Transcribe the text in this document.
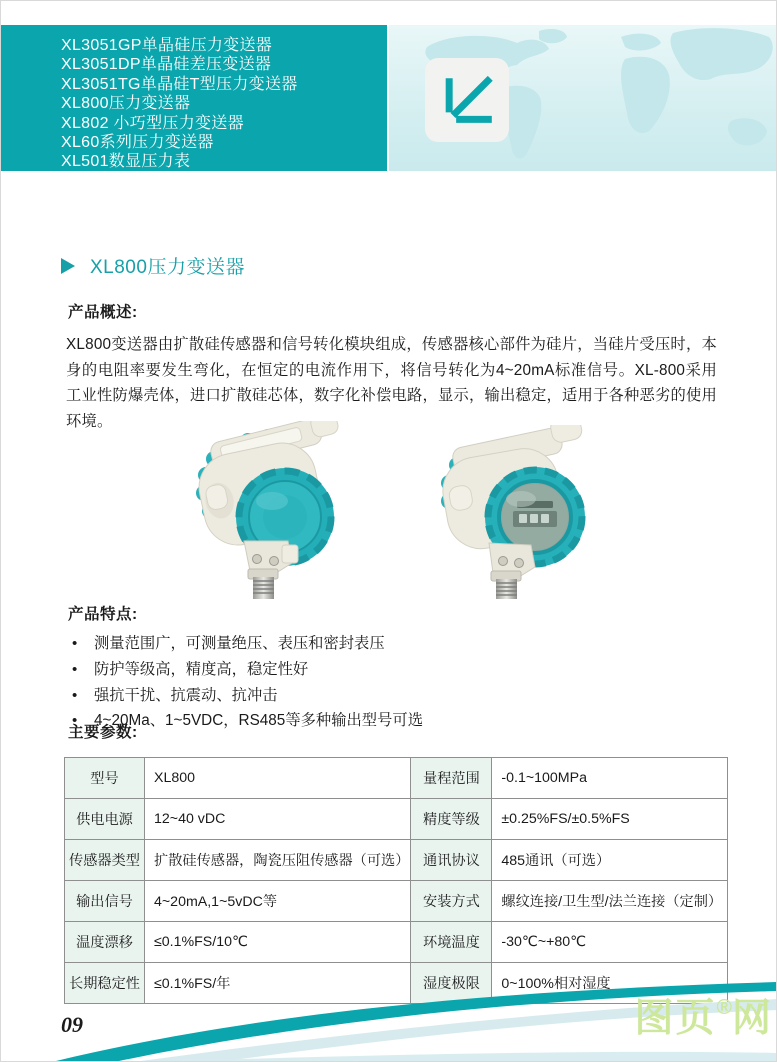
XL3051GP单晶硅压力变送器
XL3051DP单晶硅差压变送器
XL3051TG单晶硅T型压力变送器
XL800压力变送器
XL802 小巧型压力变送器
XL60系列压力变送器
XL501数显压力表
XL800压力变送器
产品概述:
XL800变送器由扩散硅传感器和信号转化模块组成，传感器核心部件为硅片，当硅片受压时，本身的电阻率要发生弯化，在恒定的电流作用下，将信号转化为4~20mA标准信号。XL-800采用工业性防爆壳体，进口扩散硅芯体，数字化补偿电路，显示，输出稳定，适用于各种恶劣的使用环境。
产品特点:
•
测量范围广，可测量绝压、表压和密封表压
•
防护等级高，精度高，稳定性好
•
强抗干扰、抗震动、抗冲击
•
4~20Ma、1~5VDC，RS485等多种输出型号可选
主要参数:
型号	XL800	量程范围	-0.1~100MPa
供电电源	12~40 vDC	精度等级	±0.25%FS/±0.5%FS
传感器类型	扩散硅传感器，陶瓷压阻传感器（可选）	通讯协议	485通讯（可选）
输出信号	4~20mA,1~5vDC等	安装方式	螺纹连接/卫生型/法兰连接（定制）
温度漂移	≤0.1%FS/10℃	环境温度	-30℃~+80℃
长期稳定性	≤0.1%FS/年	湿度极限	0~100%相对湿度
09	图页®网
